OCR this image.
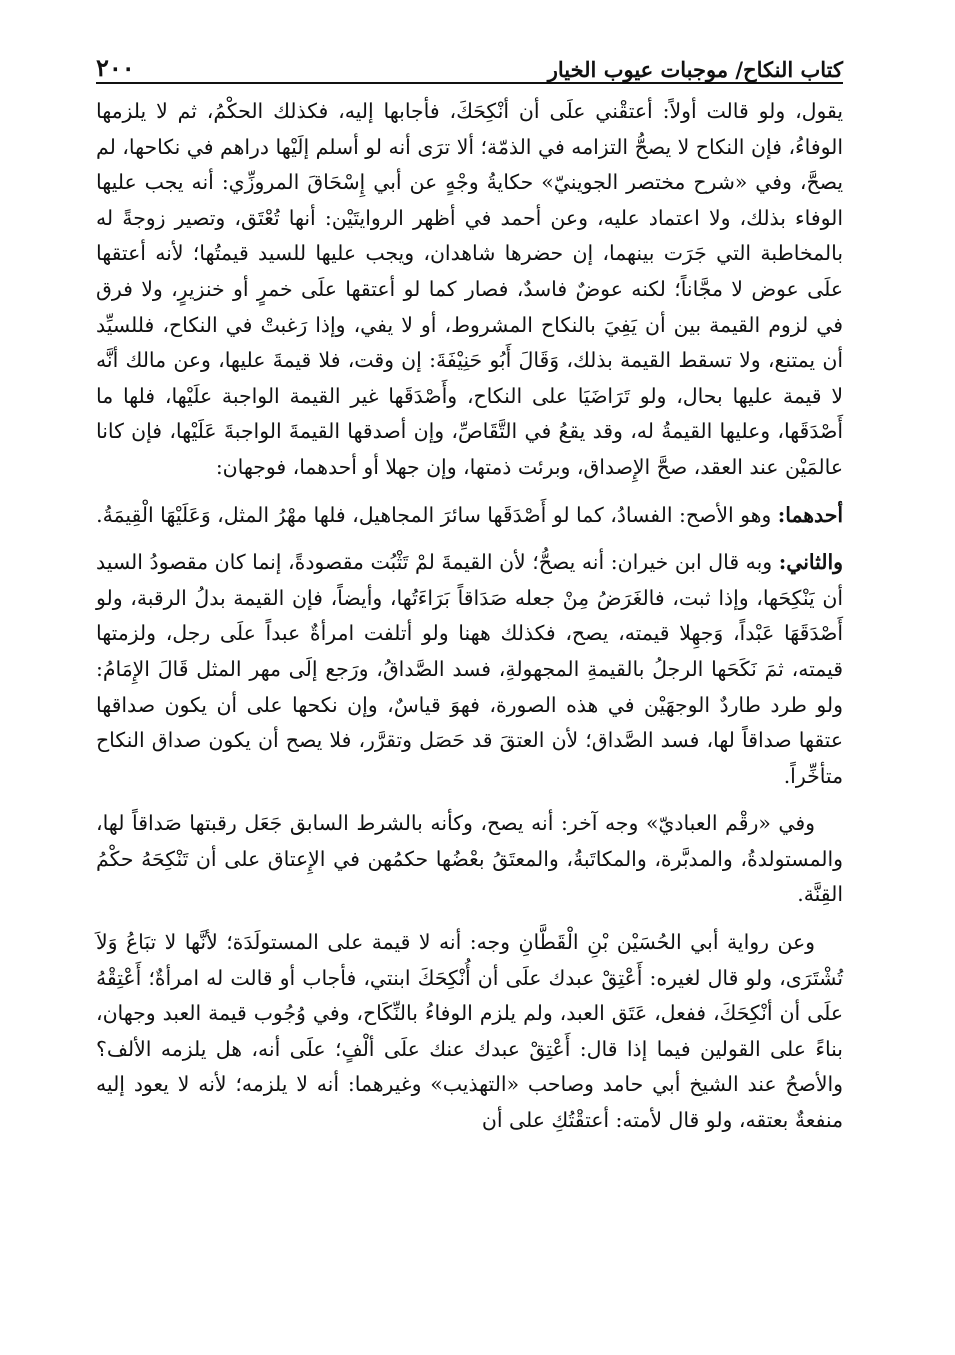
كتاب النكاح/ موجبات عيوب الخيار
٢٠٠

يقول، ولو قالت أولاً: أعتقْني علَى أن أنْكِحَكَ، فأجابها إليه، فكذلك الحكْمُ، ثم لا يلزمها الوفاءُ، فإن النكاح لا يصحُّ التزامه في الذمّة؛ ألا ترَى أنه لو أسلم إلَيْها دراهم في نكاحها، لم يصحَّ، وفي «شرح مختصر الجوينيّ» حكايةُ وجْهٍ عن أبي إِسْحَاقَ المروزِّي: أنه يجب عليها الوفاء بذلك، ولا اعتماد عليه، وعن أحمد في أظهر الروايتَيْن: أنها تُعْتَق، وتصير زوجةً له بالمخاطبة التي جَرَت بينهما، إن حضرها شاهدان، ويجب عليها للسيد قيمتُها؛ لأنه أعتقها علَى عوض لا مجَّاناً؛ لكنه عوضٌ فاسدٌ، فصار كما لو أعتقها علَى خمرٍ أو خنزيرٍ، ولا فرق في لزوم القيمة بين أن يَفِيَ بالنكاح المشروط، أو لا يفي، وإذا رَغبتْ في النكاح، فللسيِّد أن يمتنع، ولا تسقط القيمة بذلك، وَقَالَ أَبُو حَنِيْفَةَ: إن وقت، فلا قيمةَ عليها، وعن مالك أنَّه لا قيمة عليها بحال، ولو تَرَاضَيَا على النكاح، وأَصْدَقَها غير القيمة الواجبة علَيْها، فلها ما أَصْدَقَها، وعليها القيمةُ له، وقد يقعُ في التَّقَاصِّ، وإن أصدقها القيمةَ الواجبةَ عَلَيْها، فإن كانا عالمَيْن عند العقد، صحَّ الإِصداق، وبرئت ذمتها، وإن جهلا أو أحدهما، فوجهان:

أحدهما: وهو الأصح: الفسادُ، كما لو أَصْدَقَها سائرَ المجاهيل، فلها مهْرُ المثل، وَعَلَيْهَا الْقِيمَةُ.

والثاني: وبه قال ابن خيران: أنه يصحُّ؛ لأن القيمةَ لمْ تَثْبُت مقصودةً، إنما كان مقصودُ السيد أن يَنْكِحَها، وإذا ثبت، فالغَرَضُ مِنْ جعله صَدَاقاً بَرَاءَتُها، وأيضاً، فإن القيمة بدلُ الرقبة، ولو أَصْدَقَهَا عَبْداً، وَجهِلا قيمته، يصح، فكذلك ههنا ولو أتلفت امرأةٌ عبداً علَى رجل، ولزمتها قيمته، ثمَ نَكَحَها الرجلُ بالقيمةِ المجهولةِ، فسد الصَّداقُ، ورَجع إلَى مهر المثل قَالَ الإِمَامُ: ولو طرد طاردٌ الوجهَيْن في هذه الصورة، فهوَ قياسٌ، وإن نكحها على أن يكون صداقها عتقها صداقاً لها، فسد الصَّداق؛ لأن العتقَ قد حَصَل وتقرَّر، فلا يصح أن يكون صداق النكاح متأخِّراً.

وفي «رقْم العباديّ» وجه آخر: أنه يصح، وكأنه بالشرط السابق جَعَل رقبتها صَداقاً لها، والمستولدةُ، والمدبَّرة، والمكاتَبةُ، والمعتَقُ بعْضُها حكمُهن في الإِعتاق على أن تَنْكِحَهُ حكْمُ القِنَّة.

وعن رواية أبي الحُسَيْن بْنِ الْقَطَّانِ وجه: أنه لا قيمة على المستولَدَة؛ لأنَّها لا تبَاعُ وَلاَ تُشْتَرَى، ولو قال لغيره: أَعْتِقْ عبدك علَى أن أُنْكِحَكَ ابنتي، فأجاب أو قالت له امرأةٌ؛ أَعْتِقْهُ علَى أن أنْكِحَكَ، ففعل، عَتَق العبد، ولم يلزم الوفاءُ بالنِّكَاح، وفي وُجُوب قيمة العبد وجهان، بناءً على القولين فيما إذا قال: أَعْتِقْ عبدك عنك علَى ألْفٍ؛ علَى أنه، هل يلزمه الألف؟ والأصحُ عند الشيخ أبي حامد وصاحب «التهذيب» وغيرهما: أنه لا يلزمه؛ لأنه لا يعود إليه منفعةٌ بعتقه، ولو قال لأمته: أعتقْتُكِ على أن
